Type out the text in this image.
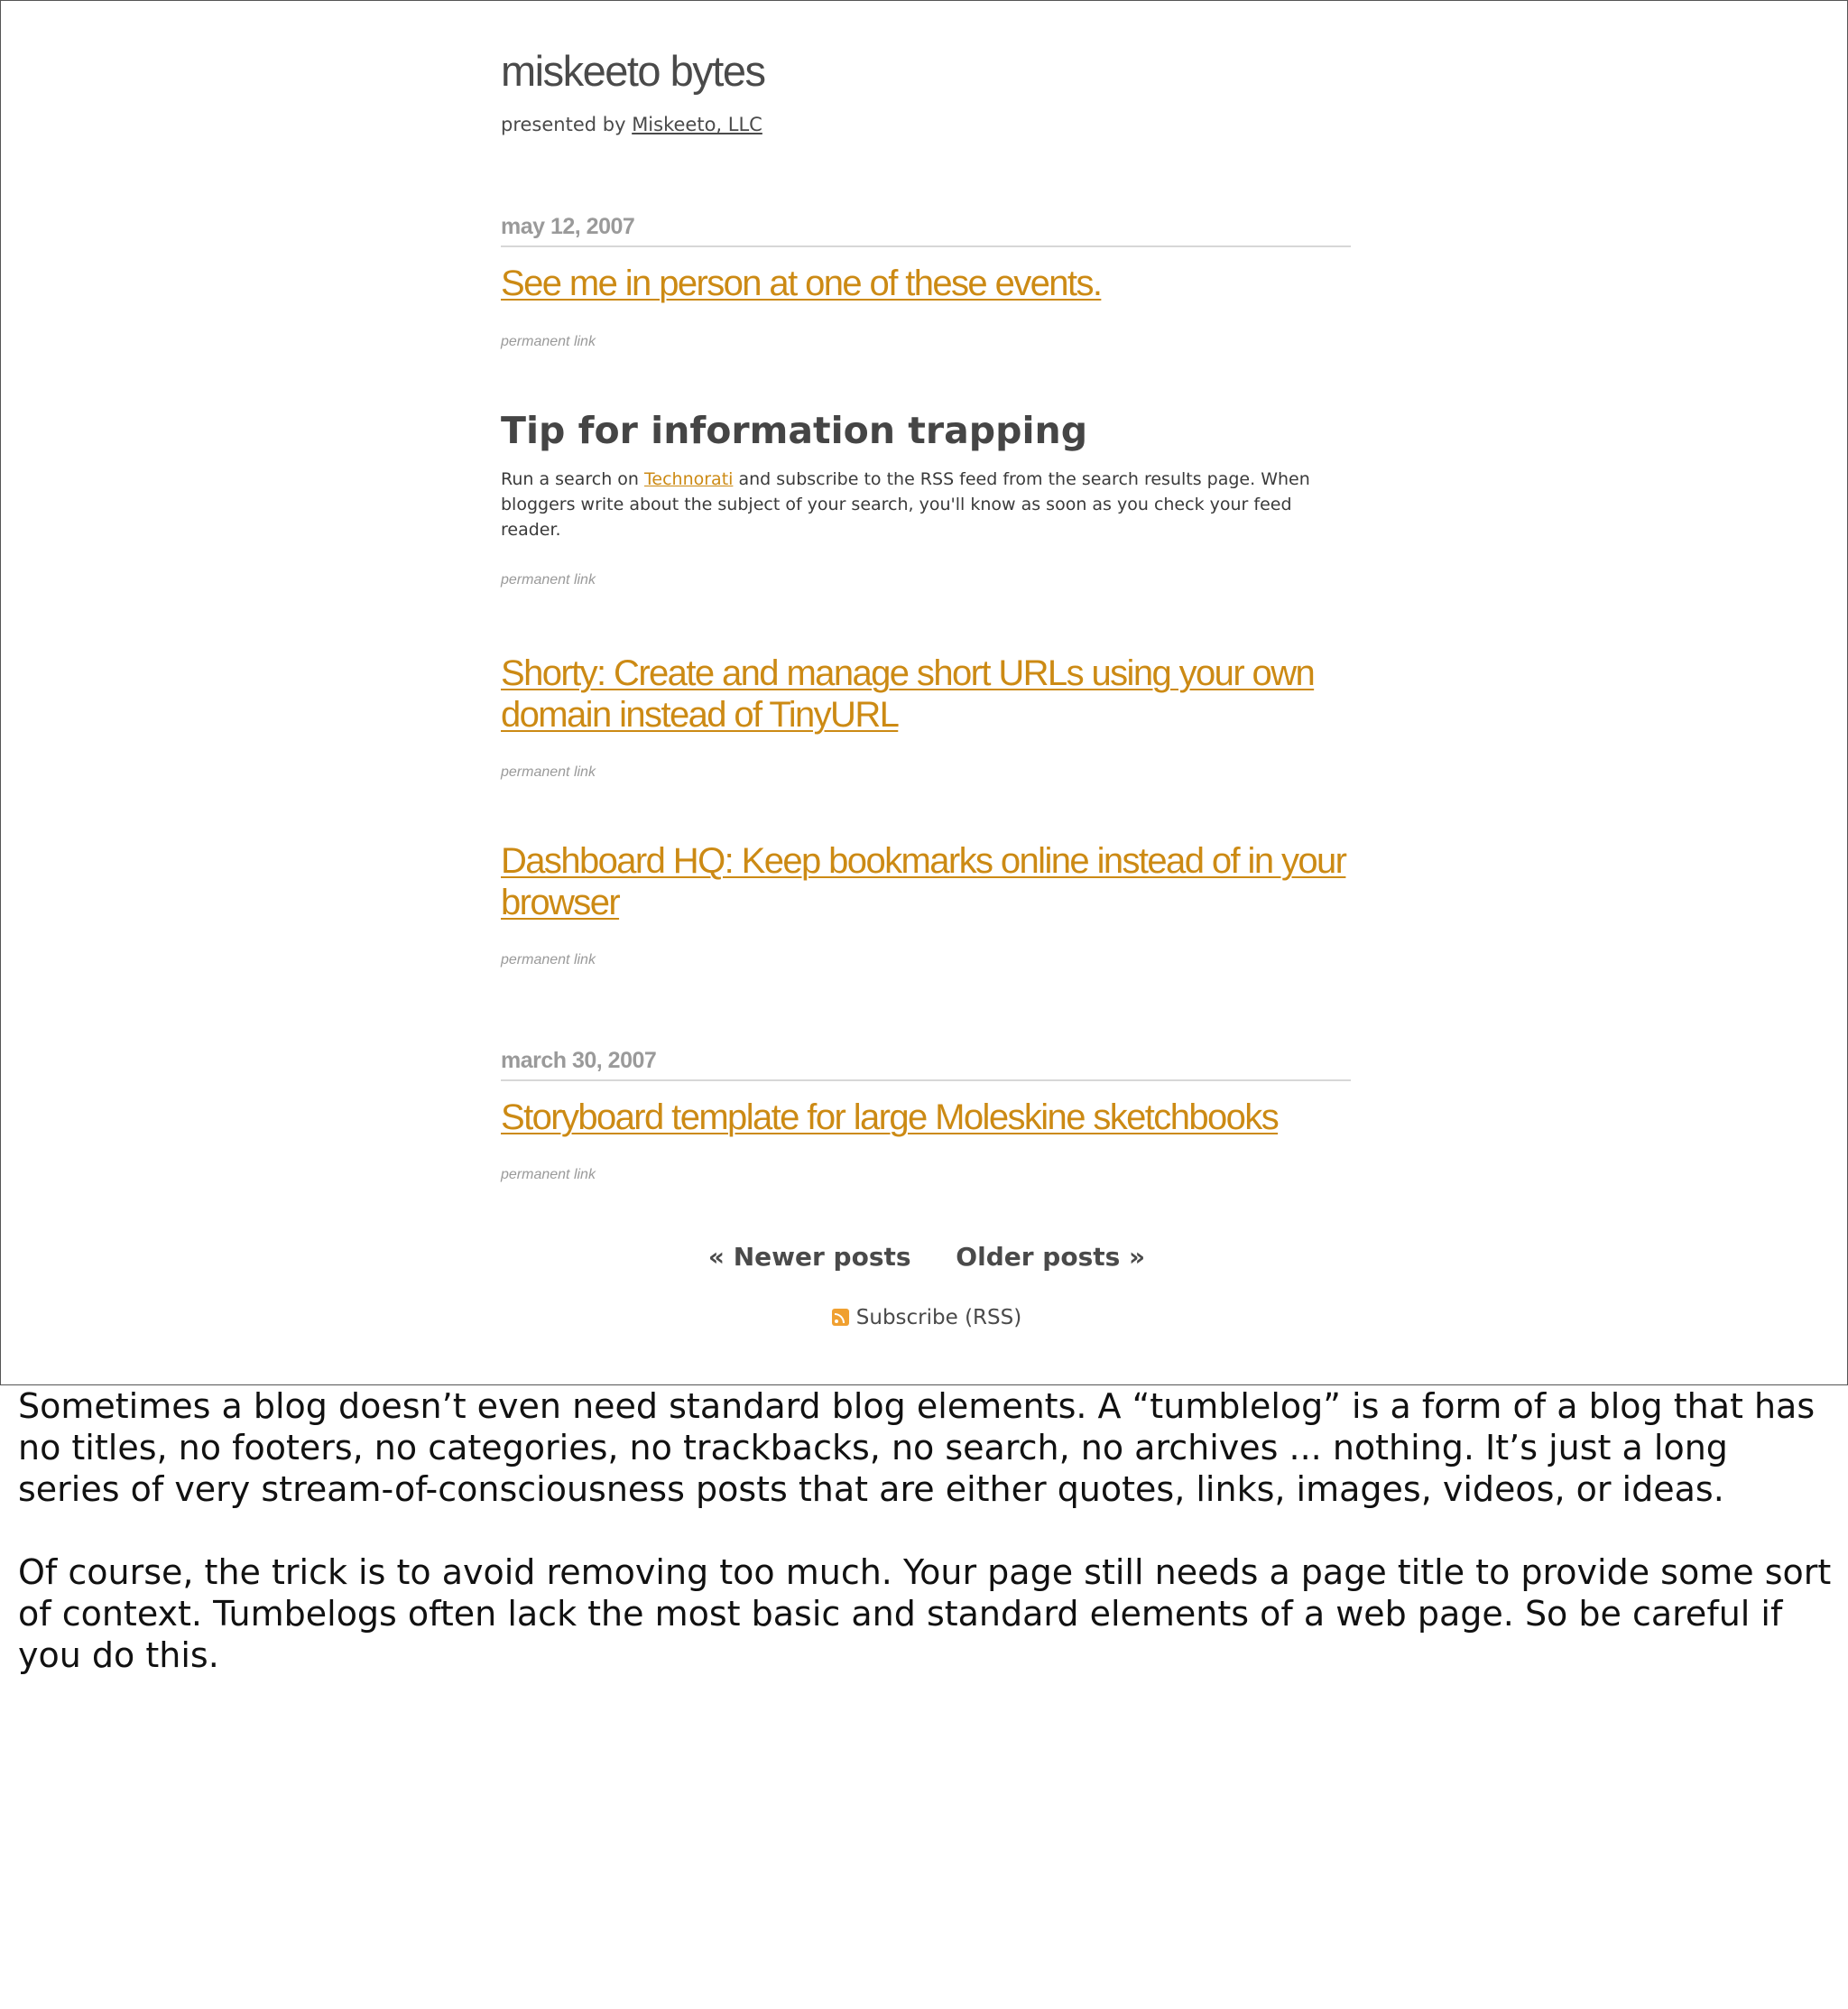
miskeeto bytes
presented by Miskeeto, LLC
may 12, 2007
See me in person at one of these events.
permanent link
Tip for information trapping

Run a search on Technorati and subscribe to the RSS feed from the search results page. When bloggers write about the subject of your search, you'll know as soon as you check your feed reader.

permanent link
Shorty: Create and manage short URLs using your own domain instead of TinyURL
permanent link
Dashboard HQ: Keep bookmarks online instead of in your browser
permanent link
march 30, 2007
Storyboard template for large Moleskine sketchbooks
permanent link
« Newer posts Older posts »
Subscribe (RSS)

Sometimes a blog doesn’t even need standard blog elements. A “tumblelog” is a form of a blog that has no titles, no footers, no categories, no trackbacks, no search, no archives ... nothing. It’s just a long series of very stream-of-consciousness posts that are either quotes, links, images, videos, or ideas.

Of course, the trick is to avoid removing too much. Your page still needs a page title to provide some sort of context. Tumbelogs often lack the most basic and standard elements of a web page. So be careful if you do this.
